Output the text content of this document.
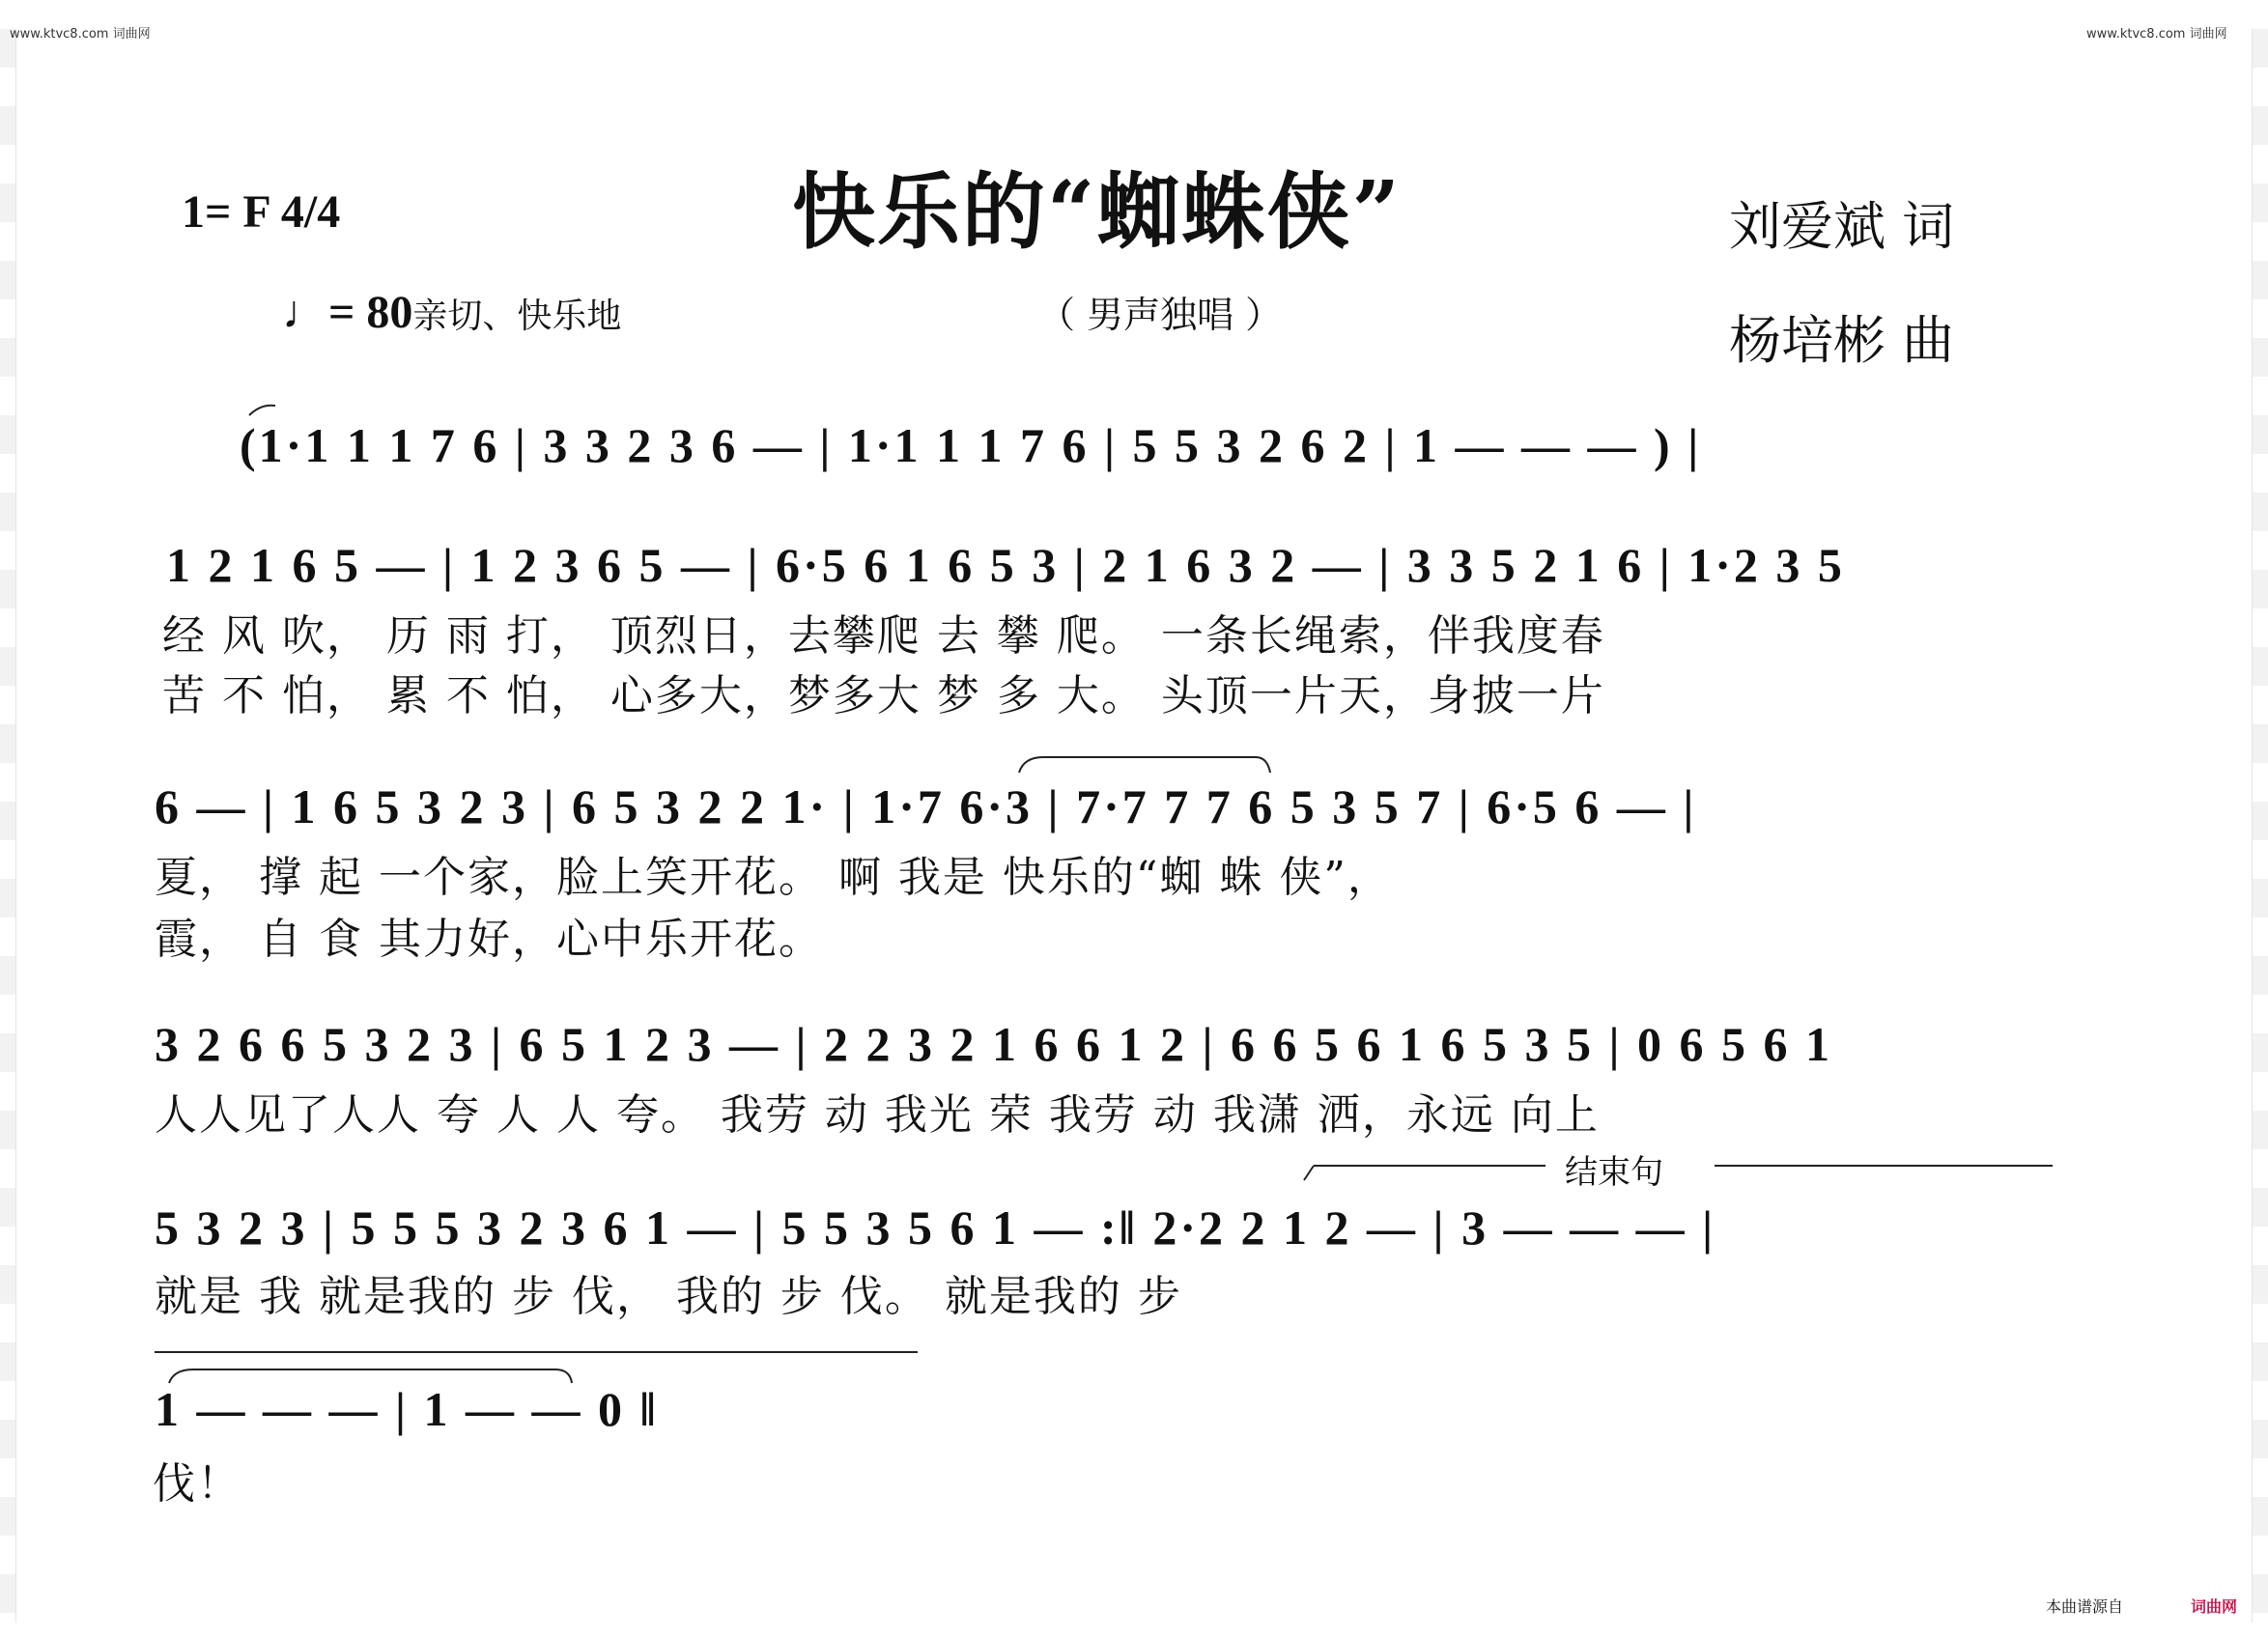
www.ktvc8.com 词曲网	www.ktvc8.com 词曲网
1= F 4/4	快乐的“蜘蛛侠”	刘爱斌 词
杨培彬 曲
（ 男声独唱 ）
♩= 80亲切、快乐地
(1·1 1 1 7 6 | 3 3 2 3 6 — | 1·1 1 1 7 6 | 5 5 3 2 6 2 | 1 — — — ) |
1 2 1 6 5 — | 1 2 3 6 5 — | 6·5 6 1 6 5 3 | 2 1 6 3 2 — | 3 3 5 2 1 6 | 1·2 3 5
经 风 吹， 历 雨 打， 顶烈日，去攀爬 去 攀 爬。 一条长绳索，伴我度春
苦 不 怕， 累 不 怕， 心多大，梦多大 梦 多 大。 头顶一片天，身披一片
6 — | 1 6 5 3 2 3 | 6 5 3 2 2 1· | 1·7 6·3 | 7·7 7 7 6 5 3 5 7 | 6·5 6 — |
夏， 撑 起 一个家，脸上笑开花。 啊 我是 快乐的“蜘 蛛 侠”，
霞， 自 食 其力好，心中乐开花。
3 2 6 6 5 3 2 3 | 6 5 1 2 3 — | 2 2 3 2 1 6 6 1 2 | 6 6 5 6 1 6 5 3 5 | 0 6 5 6 1
人人见了人人 夸 人 人 夸。 我劳 动 我光 荣 我劳 动 我潇 洒，永远 向上
结束句
5 3 2 3 | 5 5 5 3 2 3 6 1 — | 5 5 3 5 6 1 — :‖ 2·2 2 1 2 — | 3 — — — |
就是 我 就是我的 步 伐， 我的 步 伐。 就是我的 步
1 — — — | 1 — — 0 ‖
伐！
本曲谱源自	词曲网
